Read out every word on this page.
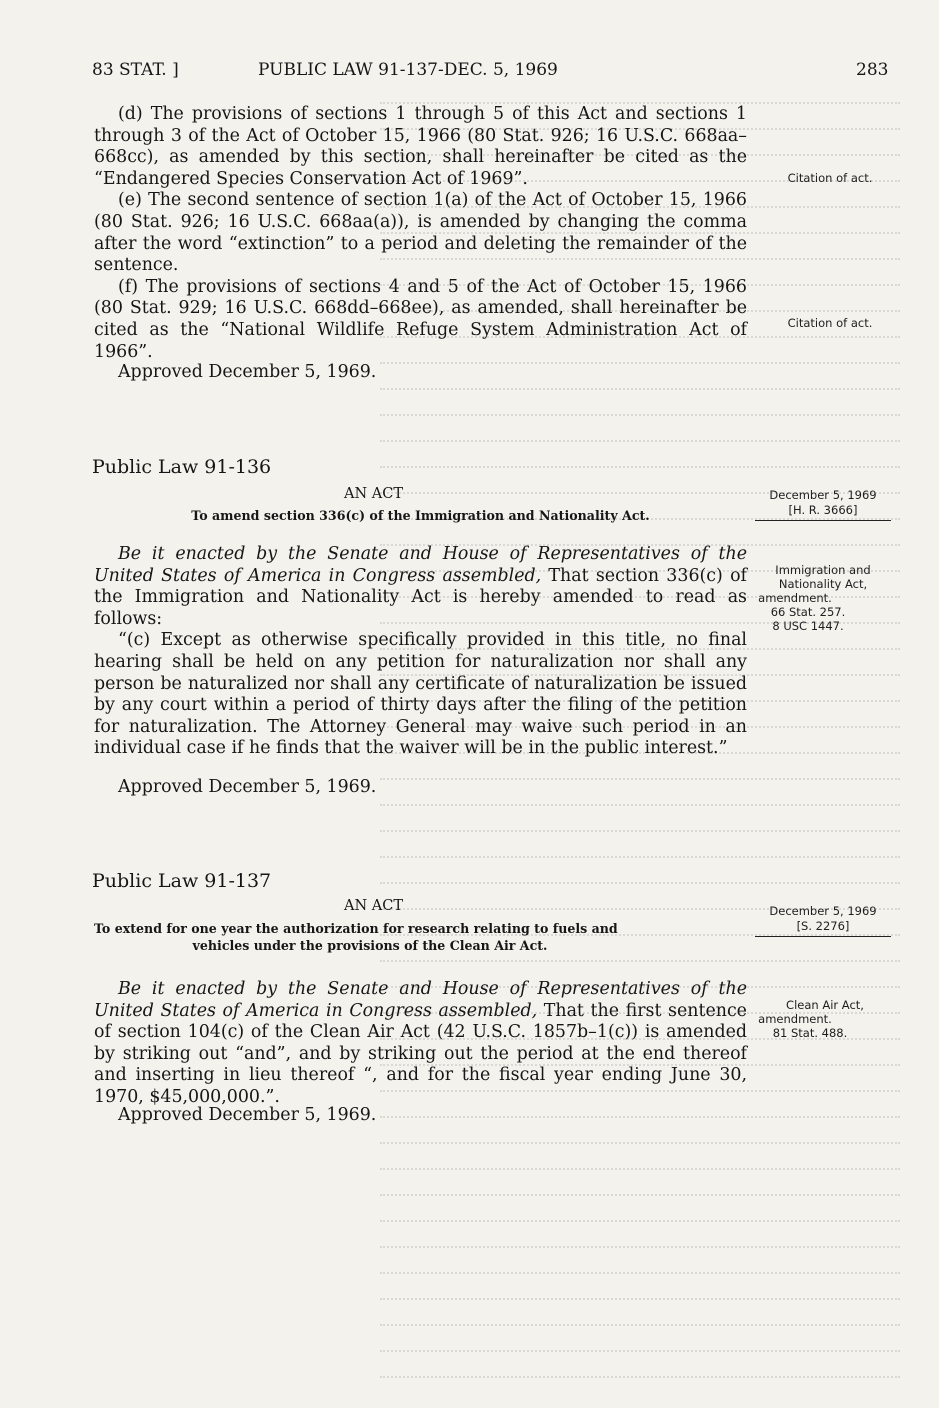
83 STAT. ]	PUBLIC LAW 91-137-DEC. 5, 1969	283

(d) The provisions of sections 1 through 5 of this Act and sections 1 through 3 of the Act of October 15, 1966 (80 Stat. 926; 16 U.S.C. 668aa–668cc), as amended by this section, shall hereinafter be cited as the “Endangered Species Conservation Act of 1969”.

(e) The second sentence of section 1(a) of the Act of October 15, 1966 (80 Stat. 926; 16 U.S.C. 668aa(a)), is amended by changing the comma after the word “extinction” to a period and deleting the remainder of the sentence.

(f) The provisions of sections 4 and 5 of the Act of October 15, 1966 (80 Stat. 929; 16 U.S.C. 668dd–668ee), as amended, shall hereinafter be cited as the “National Wildlife Refuge System Administration Act of 1966”.

Approved December 5, 1969.
Citation of act.
Citation of act.
Public Law 91-136
AN ACT
To amend section 336(c) of the Immigration and Nationality Act.
December 5, 1969
[H. R. 3666]

Be it enacted by the Senate and House of Representatives of the United States of America in Congress assembled, That section 336(c) of the Immigration and Nationality Act is hereby amended to read as follows:

“(c) Except as otherwise specifically provided in this title, no final hearing shall be held on any petition for naturalization nor shall any person be naturalized nor shall any certificate of naturalization be issued by any court within a period of thirty days after the filing of the petition for naturalization. The Attorney General may waive such period in an individual case if he finds that the waiver will be in the public interest.”

Approved December 5, 1969.
Immigration and
Nationality Act,
amendment.
66 Stat. 257.
8 USC 1447.
Public Law 91-137
AN ACT
To extend for one year the authorization for research relating to fuels and
vehicles under the provisions of the Clean Air Act.
December 5, 1969
[S. 2276]

Be it enacted by the Senate and House of Representatives of the United States of America in Congress assembled, That the first sentence of section 104(c) of the Clean Air Act (42 U.S.C. 1857b–1(c)) is amended by striking out “and”, and by striking out the period at the end thereof and inserting in lieu thereof “, and for the fiscal year ending June 30, 1970, $45,000,000.”.

Approved December 5, 1969.
Clean Air Act,
amendment.
81 Stat. 488.
